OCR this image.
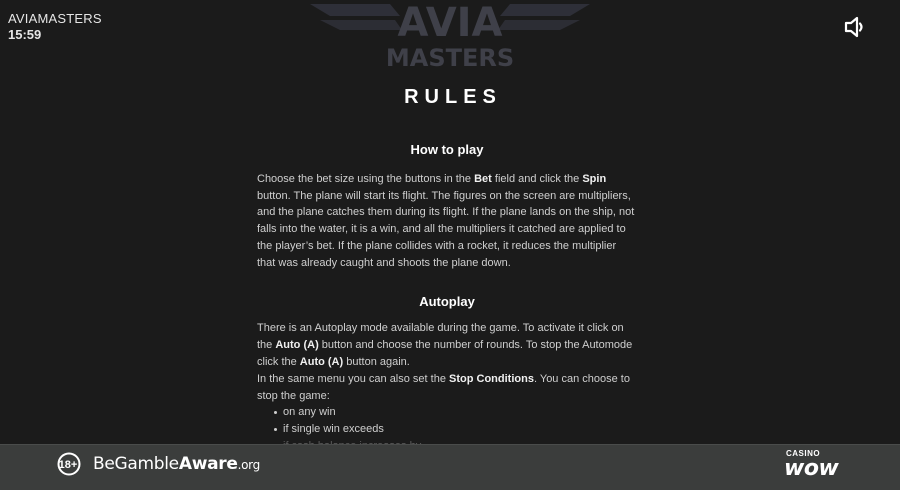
AVIAMASTERS
15:59	AVIA
MASTERS
RULES
How to play

Choose the bet size using the buttons in the Bet field and click the Spin button. The plane will start its flight. The figures on the screen are multipliers, and the plane catches them during its flight. If the plane lands on the ship, not falls into the water, it is a win, and all the multipliers it catched are applied to the player’s bet. If the plane collides with a rocket, it reduces the multiplier that was already caught and shoots the plane down.

Autoplay

There is an Autoplay mode available during the game. To activate it click on the Auto (A) button and choose the number of rounds. To stop the Automode click the Auto (A) button again.

In the same menu you can also set the Stop Conditions. You can choose to stop the game:

on any win
if single win exceeds
18+ BeGambleAware.org
CASINO
wow
